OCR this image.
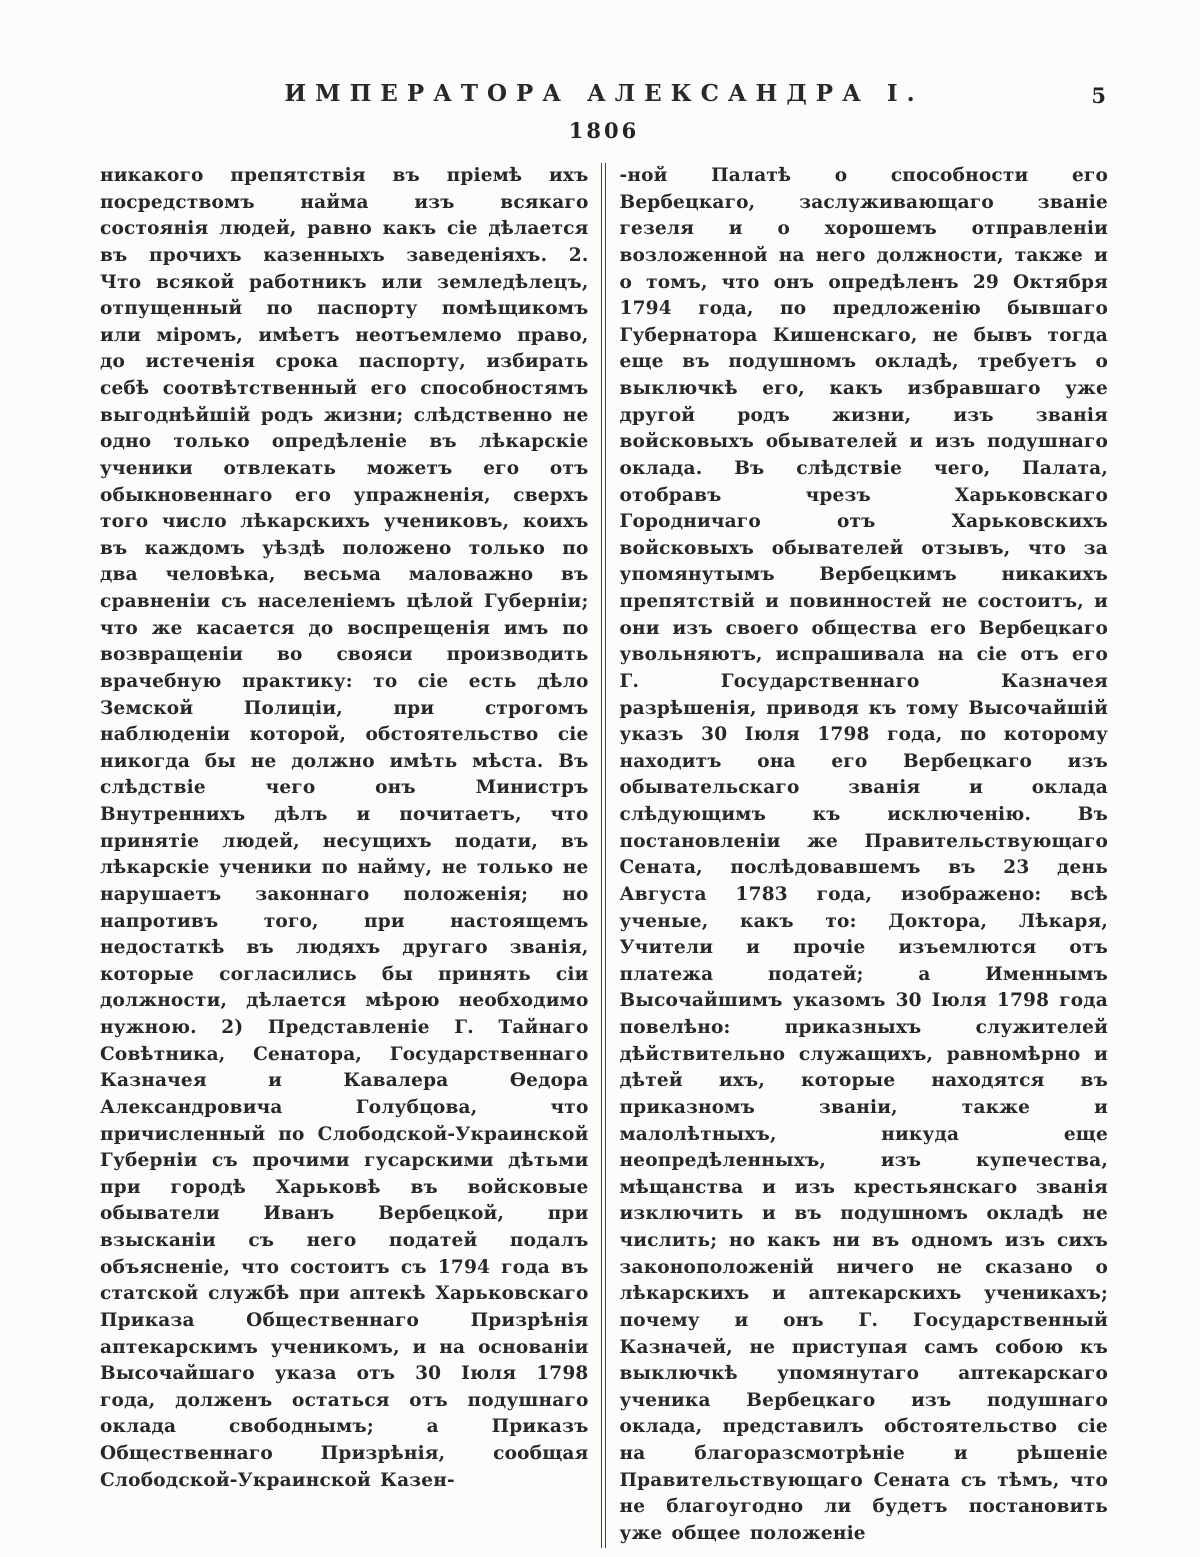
ИМПЕРАТОРА АЛЕКСАНДРА I.	5
1806
никакого препятствія въ пріемѣ ихъ посредствомъ найма изъ всякаго состоянія людей, равно какъ сіе дѣлается въ прочихъ казенныхъ заведеніяхъ. 2. Что всякой работникъ или земледѣлецъ, отпущенный по паспорту помѣщикомъ или міромъ, имѣетъ неотъемлемо право, до истеченія срока паспорту, избирать себѣ соотвѣтственный его способностямъ выгоднѣйшій родъ жизни; слѣдственно не одно только опредѣленіе въ лѣкарскіе ученики отвлекать можетъ его отъ обыкновеннаго его упражненія, сверхъ того число лѣкарскихъ учениковъ, коихъ въ каждомъ уѣздѣ положено только по два человѣка, весьма маловажно въ сравненіи съ населеніемъ цѣлой Губерніи; что же касается до воспрещенія имъ по возвращеніи во свояси производить врачебную практику: то сіе есть дѣло Земской Полиціи, при строгомъ наблюденіи которой, обстоятельство сіе никогда бы не должно имѣть мѣста. Въ слѣдствіе чего онъ Министръ Внутреннихъ дѣлъ и почитаетъ, что принятіе людей, несущихъ подати, въ лѣкарскіе ученики по найму, не только не нарушаетъ законнаго положенія; но напротивъ того, при настоящемъ недостаткѣ въ людяхъ другаго званія, которые согласились бы принять сіи должности, дѣлается мѣрою необходимо нужною. 2) Представленіе Г. Тайнаго Совѣтника, Сенатора, Государственнаго Казначея и Кавалера Ѳедора Александровича Голубцова, что причисленный по Слободской-Украинской Губерніи съ прочими гусарскими дѣтьми при городѣ Харьковѣ въ войсковые обыватели Иванъ Вербецкой, при взысканіи съ него податей подалъ объясненіе, что состоитъ съ 1794 года въ статской службѣ при аптекѣ Харьковскаго Приказа Общественнаго Призрѣнія аптекарскимъ ученикомъ, и на основаніи Высочайшаго указа отъ 30 Іюля 1798 года, долженъ остаться отъ подушнаго оклада свободнымъ; а Приказъ Общественнаго Призрѣнія, сообщая Слободской-Украинской Казен-
-ной Палатѣ о способности его Вербецкаго, заслуживающаго званіе гезеля и о хорошемъ отправленіи возложенной на него должности, также и о томъ, что онъ опредѣленъ 29 Октября 1794 года, по предложенію бывшаго Губернатора Кишенскаго, не бывъ тогда еще въ подушномъ окладѣ, требуетъ о выключкѣ его, какъ избравшаго уже другой родъ жизни, изъ званія войсковыхъ обывателей и изъ подушнаго оклада. Въ слѣдствіе чего, Палата, отобравъ чрезъ Харьковскаго Городничаго отъ Харьковскихъ войсковыхъ обывателей отзывъ, что за упомянутымъ Вербецкимъ никакихъ препятствій и повинностей не состоитъ, и они изъ своего общества его Вербецкаго увольняютъ, испрашивала на сіе отъ его Г. Государственнаго Казначея разрѣшенія, приводя къ тому Высочайшій указъ 30 Іюля 1798 года, по которому находитъ она его Вербецкаго изъ обывательскаго званія и оклада слѣдующимъ къ исключенію. Въ постановленіи же Правительствующаго Сената, послѣдовавшемъ въ 23 день Августа 1783 года, изображено: всѣ ученые, какъ то: Доктора, Лѣкаря, Учители и прочіе изъемлются отъ платежа податей; а Именнымъ Высочайшимъ указомъ 30 Іюля 1798 года повелѣно: приказныхъ служителей дѣйствительно служащихъ, равномѣрно и дѣтей ихъ, которые находятся въ приказномъ званіи, также и малолѣтныхъ, никуда еще неопредѣленныхъ, изъ купечества, мѣщанства и изъ крестьянскаго званія изключить и въ подушномъ окладѣ не числить; но какъ ни въ одномъ изъ сихъ законоположеній ничего не сказано о лѣкарскихъ и аптекарскихъ ученикахъ; почему и онъ Г. Государственный Казначей, не приступая самъ собою къ выключкѣ упомянутаго аптекарскаго ученика Вербецкаго изъ подушнаго оклада, представилъ обстоятельство сіе на благоразсмотрѣніе и рѣшеніе Правительствующаго Сената съ тѣмъ, что не благоугодно ли будетъ постановить уже общее положеніе
